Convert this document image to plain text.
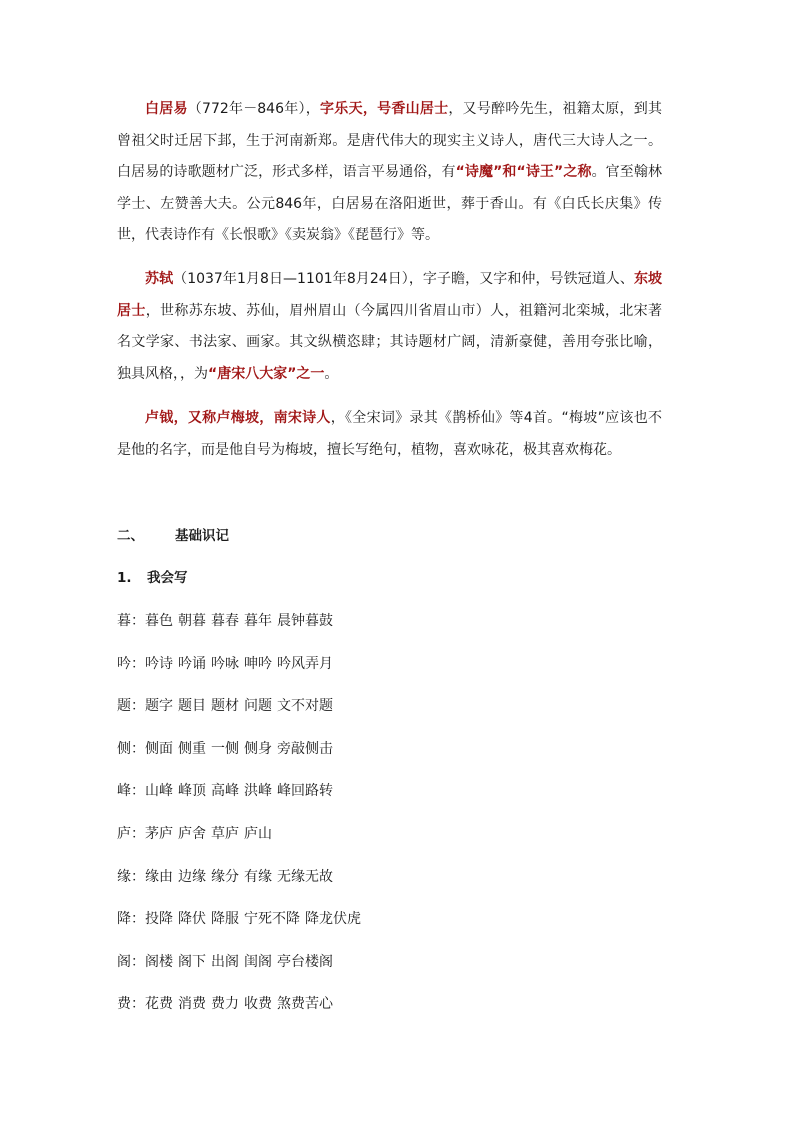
白居易（772年－846年），字乐天，号香山居士，又号醉吟先生，祖籍太原，到其曾祖父时迁居下邽，生于河南新郑。是唐代伟大的现实主义诗人，唐代三大诗人之一。白居易的诗歌题材广泛，形式多样，语言平易通俗，有“诗魔”和“诗王”之称。官至翰林学士、左赞善大夫。公元846年，白居易在洛阳逝世，葬于香山。有《白氏长庆集》传世，代表诗作有《长恨歌》《卖炭翁》《琵琶行》等。

苏轼（1037年1月8日—1101年8月24日），字子瞻，又字和仲，号铁冠道人、东坡居士，世称苏东坡、苏仙，眉州眉山（今属四川省眉山市）人，祖籍河北栾城，北宋著名文学家、书法家、画家。其文纵横恣肆；其诗题材广阔，清新豪健，善用夸张比喻，独具风格，，为“唐宋八大家”之一。

卢钺，又称卢梅坡，南宋诗人，《全宋词》录其《鹊桥仙》等4首。“梅坡”应该也不是他的名字，而是他自号为梅坡，擅长写绝句，植物，喜欢咏花，极其喜欢梅花。

二、 基础识记

1. 我会写

暮：暮色 朝暮 暮春 暮年 晨钟暮鼓

吟：吟诗 吟诵 吟咏 呻吟 吟风弄月

题：题字 题目 题材 问题 文不对题

侧：侧面 侧重 一侧 侧身 旁敲侧击

峰：山峰 峰顶 高峰 洪峰 峰回路转

庐：茅庐 庐舍 草庐 庐山

缘：缘由 边缘 缘分 有缘 无缘无故

降：投降 降伏 降服 宁死不降 降龙伏虎

阁：阁楼 阁下 出阁 闺阁 亭台楼阁

费：花费 消费 费力 收费 煞费苦心
